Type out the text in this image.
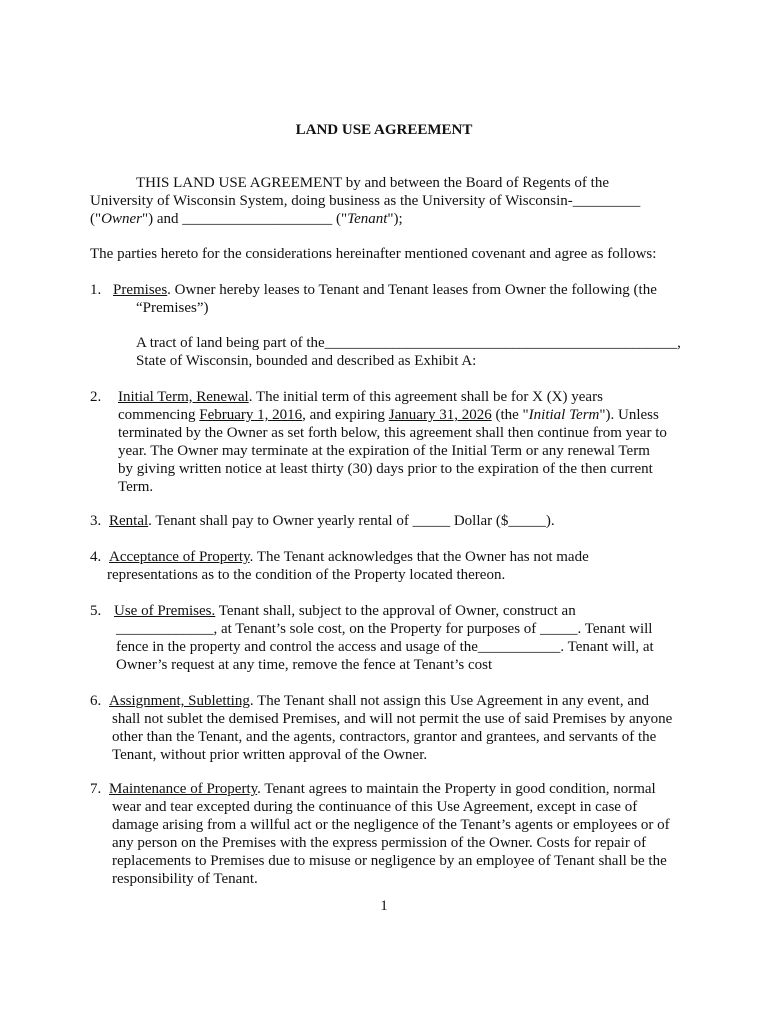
LAND USE AGREEMENT
THIS LAND USE AGREEMENT by and between the Board of Regents of the
University of Wisconsin System, doing business as the University of Wisconsin-_________
("Owner") and ____________________ ("Tenant");
The parties hereto for the considerations hereinafter mentioned covenant and agree as follows:
1. Premises. Owner hereby leases to Tenant and Tenant leases from Owner the following (the
“Premises”)
A tract of land being part of the_______________________________________________,
State of Wisconsin, bounded and described as Exhibit A:
2.	Initial Term, Renewal. The initial term of this agreement shall be for X (X) years
commencing February 1, 2016, and expiring January 31, 2026 (the "Initial Term"). Unless
terminated by the Owner as set forth below, this agreement shall then continue from year to
year. The Owner may terminate at the expiration of the Initial Term or any renewal Term
by giving written notice at least thirty (30) days prior to the expiration of the then current
Term.
3. Rental. Tenant shall pay to Owner yearly rental of _____ Dollar ($_____).
4. Acceptance of Property. The Tenant acknowledges that the Owner has not made
representations as to the condition of the Property located thereon.
5. Use of Premises. Tenant shall, subject to the approval of Owner, construct an
_____________, at Tenant’s sole cost, on the Property for purposes of _____. Tenant will
fence in the property and control the access and usage of the___________. Tenant will, at
Owner’s request at any time, remove the fence at Tenant’s cost
6. Assignment, Subletting. The Tenant shall not assign this Use Agreement in any event, and
shall not sublet the demised Premises, and will not permit the use of said Premises by anyone
other than the Tenant, and the agents, contractors, grantor and grantees, and servants of the
Tenant, without prior written approval of the Owner.
7. Maintenance of Property. Tenant agrees to maintain the Property in good condition, normal
wear and tear excepted during the continuance of this Use Agreement, except in case of
damage arising from a willful act or the negligence of the Tenant’s agents or employees or of
any person on the Premises with the express permission of the Owner. Costs for repair of
replacements to Premises due to misuse or negligence by an employee of Tenant shall be the
responsibility of Tenant.
1
